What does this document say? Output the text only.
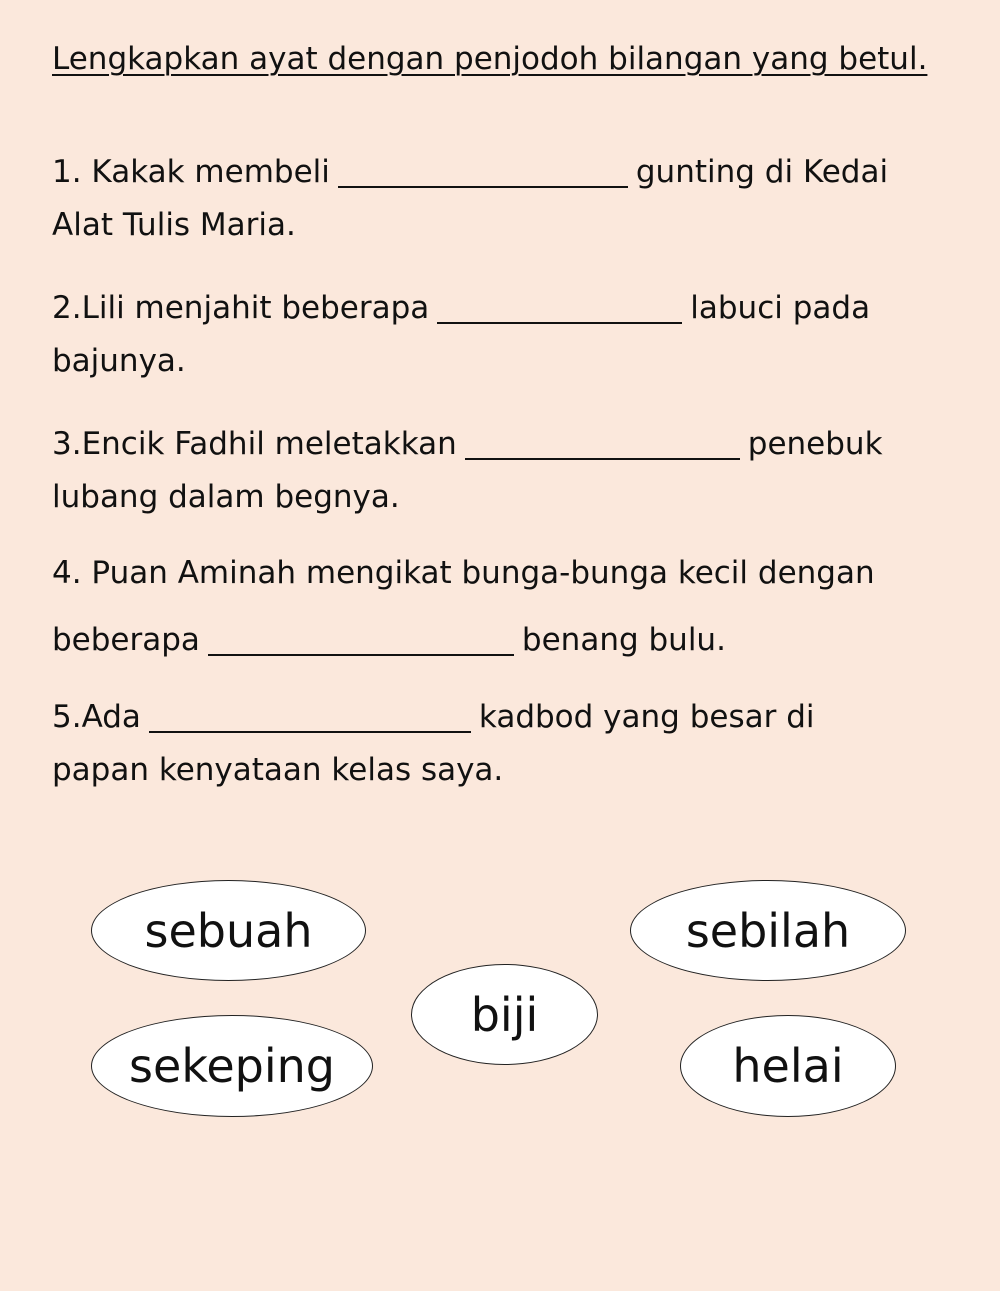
Lengkapkan ayat dengan penjodoh bilangan yang betul.

1. Kakak membeli	gunting di Kedai
Alat Tulis Maria.
2.Lili menjahit beberapa	labuci pada
bajunya.
3.Encik Fadhil meletakkan	penebuk
lubang dalam begnya.
4. Puan Aminah mengikat bunga-bunga kecil dengan
beberapa	benang bulu.
5.Ada	kadbod yang besar di
papan kenyataan kelas saya.
sebuah	sebilah
biji
sekeping	helai
